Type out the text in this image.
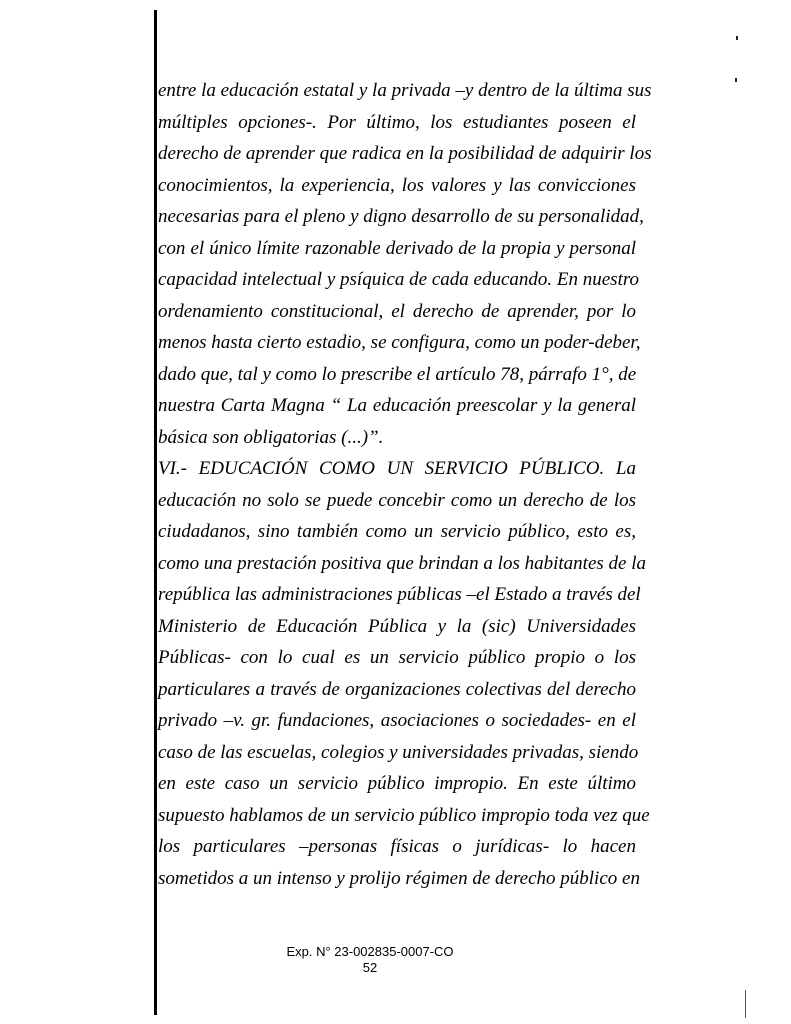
entre la educación estatal y la privada –y dentro de la última sus
múltiples opciones-. Por último, los estudiantes poseen el
derecho de aprender que radica en la posibilidad de adquirir los
conocimientos, la experiencia, los valores y las convicciones
necesarias para el pleno y digno desarrollo de su personalidad,
con el único límite razonable derivado de la propia y personal
capacidad intelectual y psíquica de cada educando. En nuestro
ordenamiento constitucional, el derecho de aprender, por lo
menos hasta cierto estadio, se configura, como un poder-deber,
dado que, tal y como lo prescribe el artículo 78, párrafo 1°, de
nuestra Carta Magna “ La educación preescolar y la general
básica son obligatorias (...)”.
VI.- EDUCACIÓN COMO UN SERVICIO PÚBLICO. La
educación no solo se puede concebir como un derecho de los
ciudadanos, sino también como un servicio público, esto es,
como una prestación positiva que brindan a los habitantes de la
república las administraciones públicas –el Estado a través del
Ministerio de Educación Pública y la (sic) Universidades
Públicas- con lo cual es un servicio público propio o los
particulares a través de organizaciones colectivas del derecho
privado –v. gr. fundaciones, asociaciones o sociedades- en el
caso de las escuelas, colegios y universidades privadas, siendo
en este caso un servicio público impropio. En este último
supuesto hablamos de un servicio público impropio toda vez que
los particulares –personas físicas o jurídicas- lo hacen
sometidos a un intenso y prolijo régimen de derecho público en
Exp. N° 23-002835-0007-CO
52
